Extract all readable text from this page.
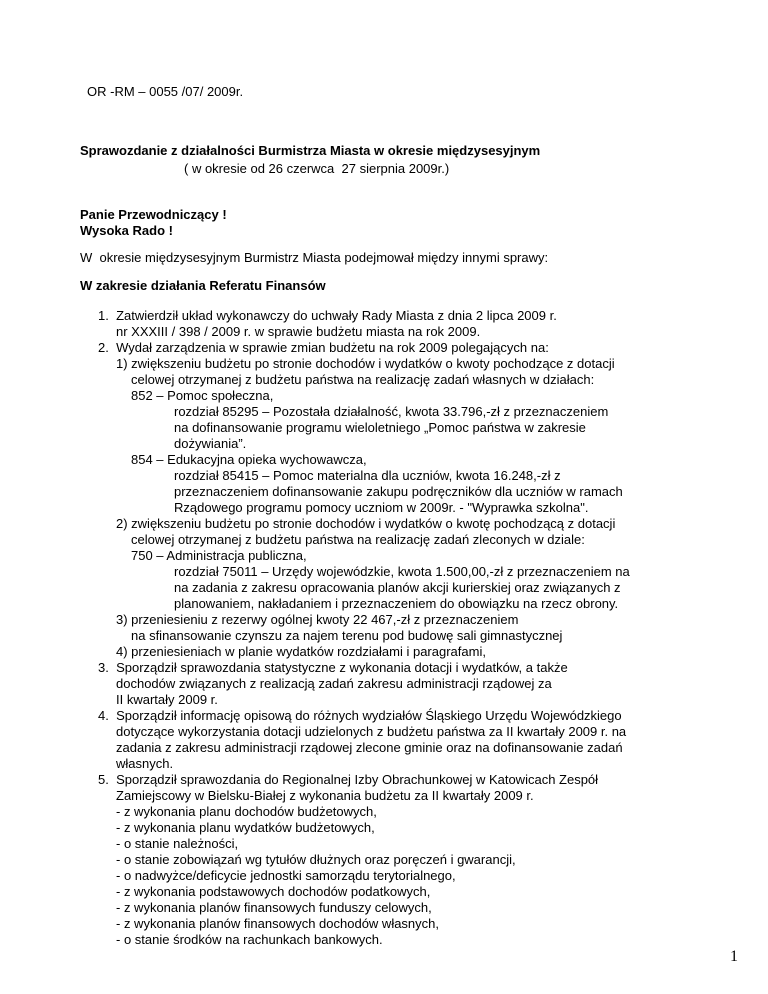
OR -RM – 0055 /07/ 2009r.
Sprawozdanie z działalności Burmistrza Miasta w okresie międzysesyjnym
( w okresie od 26 czerwca  27 sierpnia 2009r.)
Panie Przewodniczący !
Wysoka Rado !
W  okresie międzysesyjnym Burmistrz Miasta podejmował między innymi sprawy:
W zakresie działania Referatu Finansów
1.  Zatwierdził układ wykonawczy do uchwały Rady Miasta z dnia 2 lipca 2009 r.
nr XXXIII / 398 / 2009 r. w sprawie budżetu miasta na rok 2009.
2.  Wydał zarządzenia w sprawie zmian budżetu na rok 2009 polegających na:
1) zwiększeniu budżetu po stronie dochodów i wydatków o kwoty pochodzące z dotacji
celowej otrzymanej z budżetu państwa na realizację zadań własnych w działach:
852 – Pomoc społeczna,
rozdział 85295 – Pozostała działalność, kwota 33.796,-zł z przeznaczeniem
na dofinansowanie programu wieloletniego „Pomoc państwa w zakresie
dożywiania”.
854 – Edukacyjna opieka wychowawcza,
rozdział 85415 – Pomoc materialna dla uczniów, kwota 16.248,-zł z
przeznaczeniem dofinansowanie zakupu podręczników dla uczniów w ramach
Rządowego programu pomocy uczniom w 2009r. - "Wyprawka szkolna".
2) zwiększeniu budżetu po stronie dochodów i wydatków o kwotę pochodzącą z dotacji
celowej otrzymanej z budżetu państwa na realizację zadań zleconych w dziale:
750 – Administracja publiczna,
rozdział 75011 – Urzędy wojewódzkie, kwota 1.500,00,-zł z przeznaczeniem na
na zadania z zakresu opracowania planów akcji kurierskiej oraz związanych z
planowaniem, nakładaniem i przeznaczeniem do obowiązku na rzecz obrony.
3) przeniesieniu z rezerwy ogólnej kwoty 22 467,-zł z przeznaczeniem
na sfinansowanie czynszu za najem terenu pod budowę sali gimnastycznej
4) przeniesieniach w planie wydatków rozdziałami i paragrafami,
3.  Sporządził sprawozdania statystyczne z wykonania dotacji i wydatków, a także
dochodów związanych z realizacją zadań zakresu administracji rządowej za
II kwartały 2009 r.
4.  Sporządził informację opisową do różnych wydziałów Śląskiego Urzędu Wojewódzkiego
dotyczące wykorzystania dotacji udzielonych z budżetu państwa za II kwartały 2009 r. na
zadania z zakresu administracji rządowej zlecone gminie oraz na dofinansowanie zadań
własnych.
5.  Sporządził sprawozdania do Regionalnej Izby Obrachunkowej w Katowicach Zespół
Zamiejscowy w Bielsku-Białej z wykonania budżetu za II kwartały 2009 r.
- z wykonania planu dochodów budżetowych,
- z wykonania planu wydatków budżetowych,
- o stanie należności,
- o stanie zobowiązań wg tytułów dłużnych oraz poręczeń i gwarancji,
- o nadwyżce/deficycie jednostki samorządu terytorialnego,
- z wykonania podstawowych dochodów podatkowych,
- z wykonania planów finansowych funduszy celowych,
- z wykonania planów finansowych dochodów własnych,
- o stanie środków na rachunkach bankowych.
1
